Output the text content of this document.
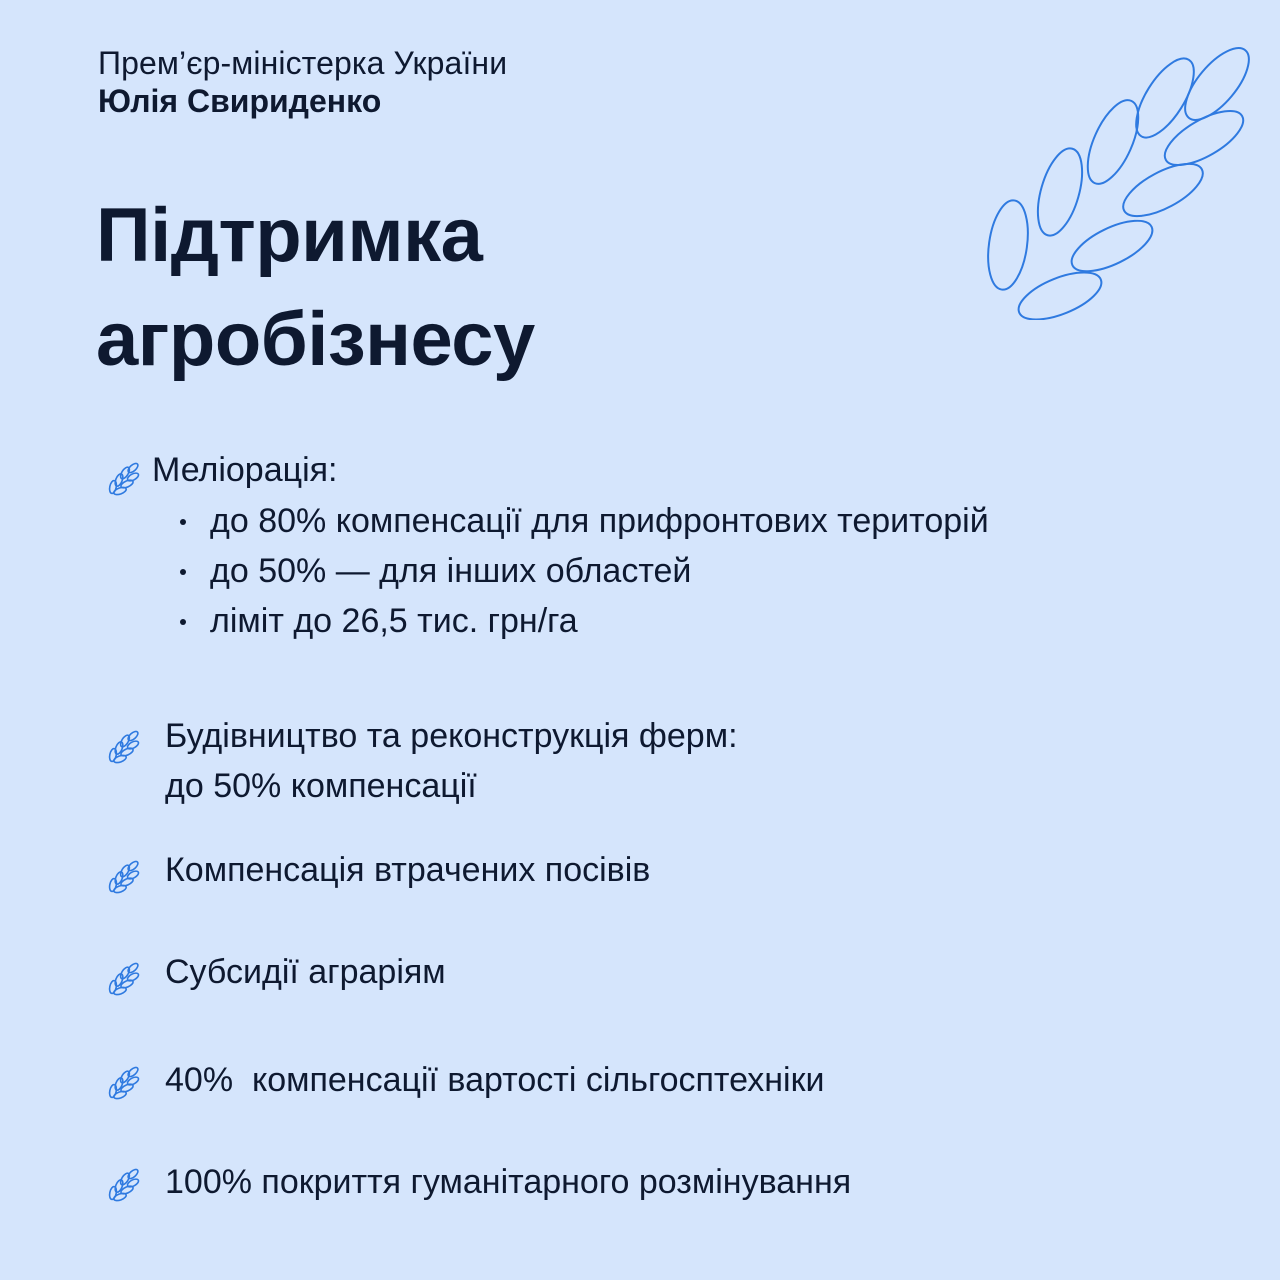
Прем’єр-міністерка України
Юлія Свириденко
Підтримка
агробізнесу
Меліорація:
до 80% компенсації для прифронтових територій
до 50% — для інших областей
ліміт до 26,5 тис. грн/га
Будівництво та реконструкція ферм:
до 50% компенсації
Компенсація втрачених посівів
Субсидії аграріям
40%  компенсації вартості сільгосптехніки
100% покриття гуманітарного розмінування
